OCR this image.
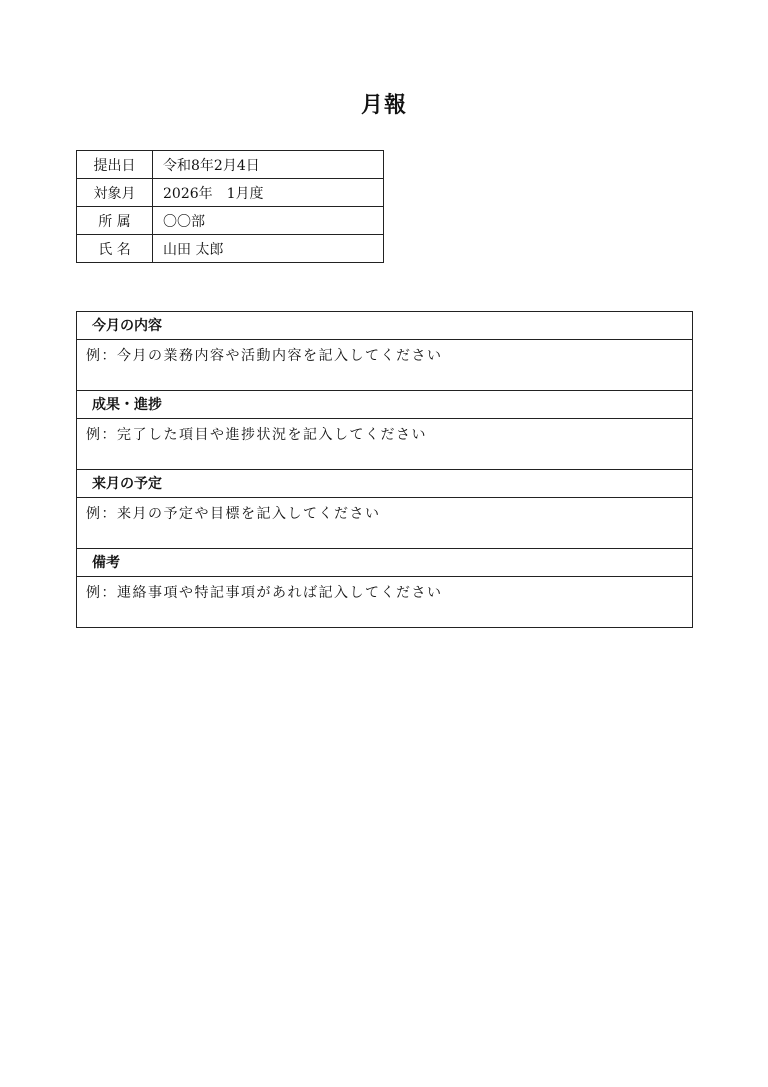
月報
提出日	令和8年2月4日
対象月	2026年　1月度
所 属	〇〇部
氏 名	山田 太郎
今月の内容
例：今月の業務内容や活動内容を記入してください
成果・進捗
例：完了した項目や進捗状況を記入してください
来月の予定
例：来月の予定や目標を記入してください
備考
例：連絡事項や特記事項があれば記入してください
